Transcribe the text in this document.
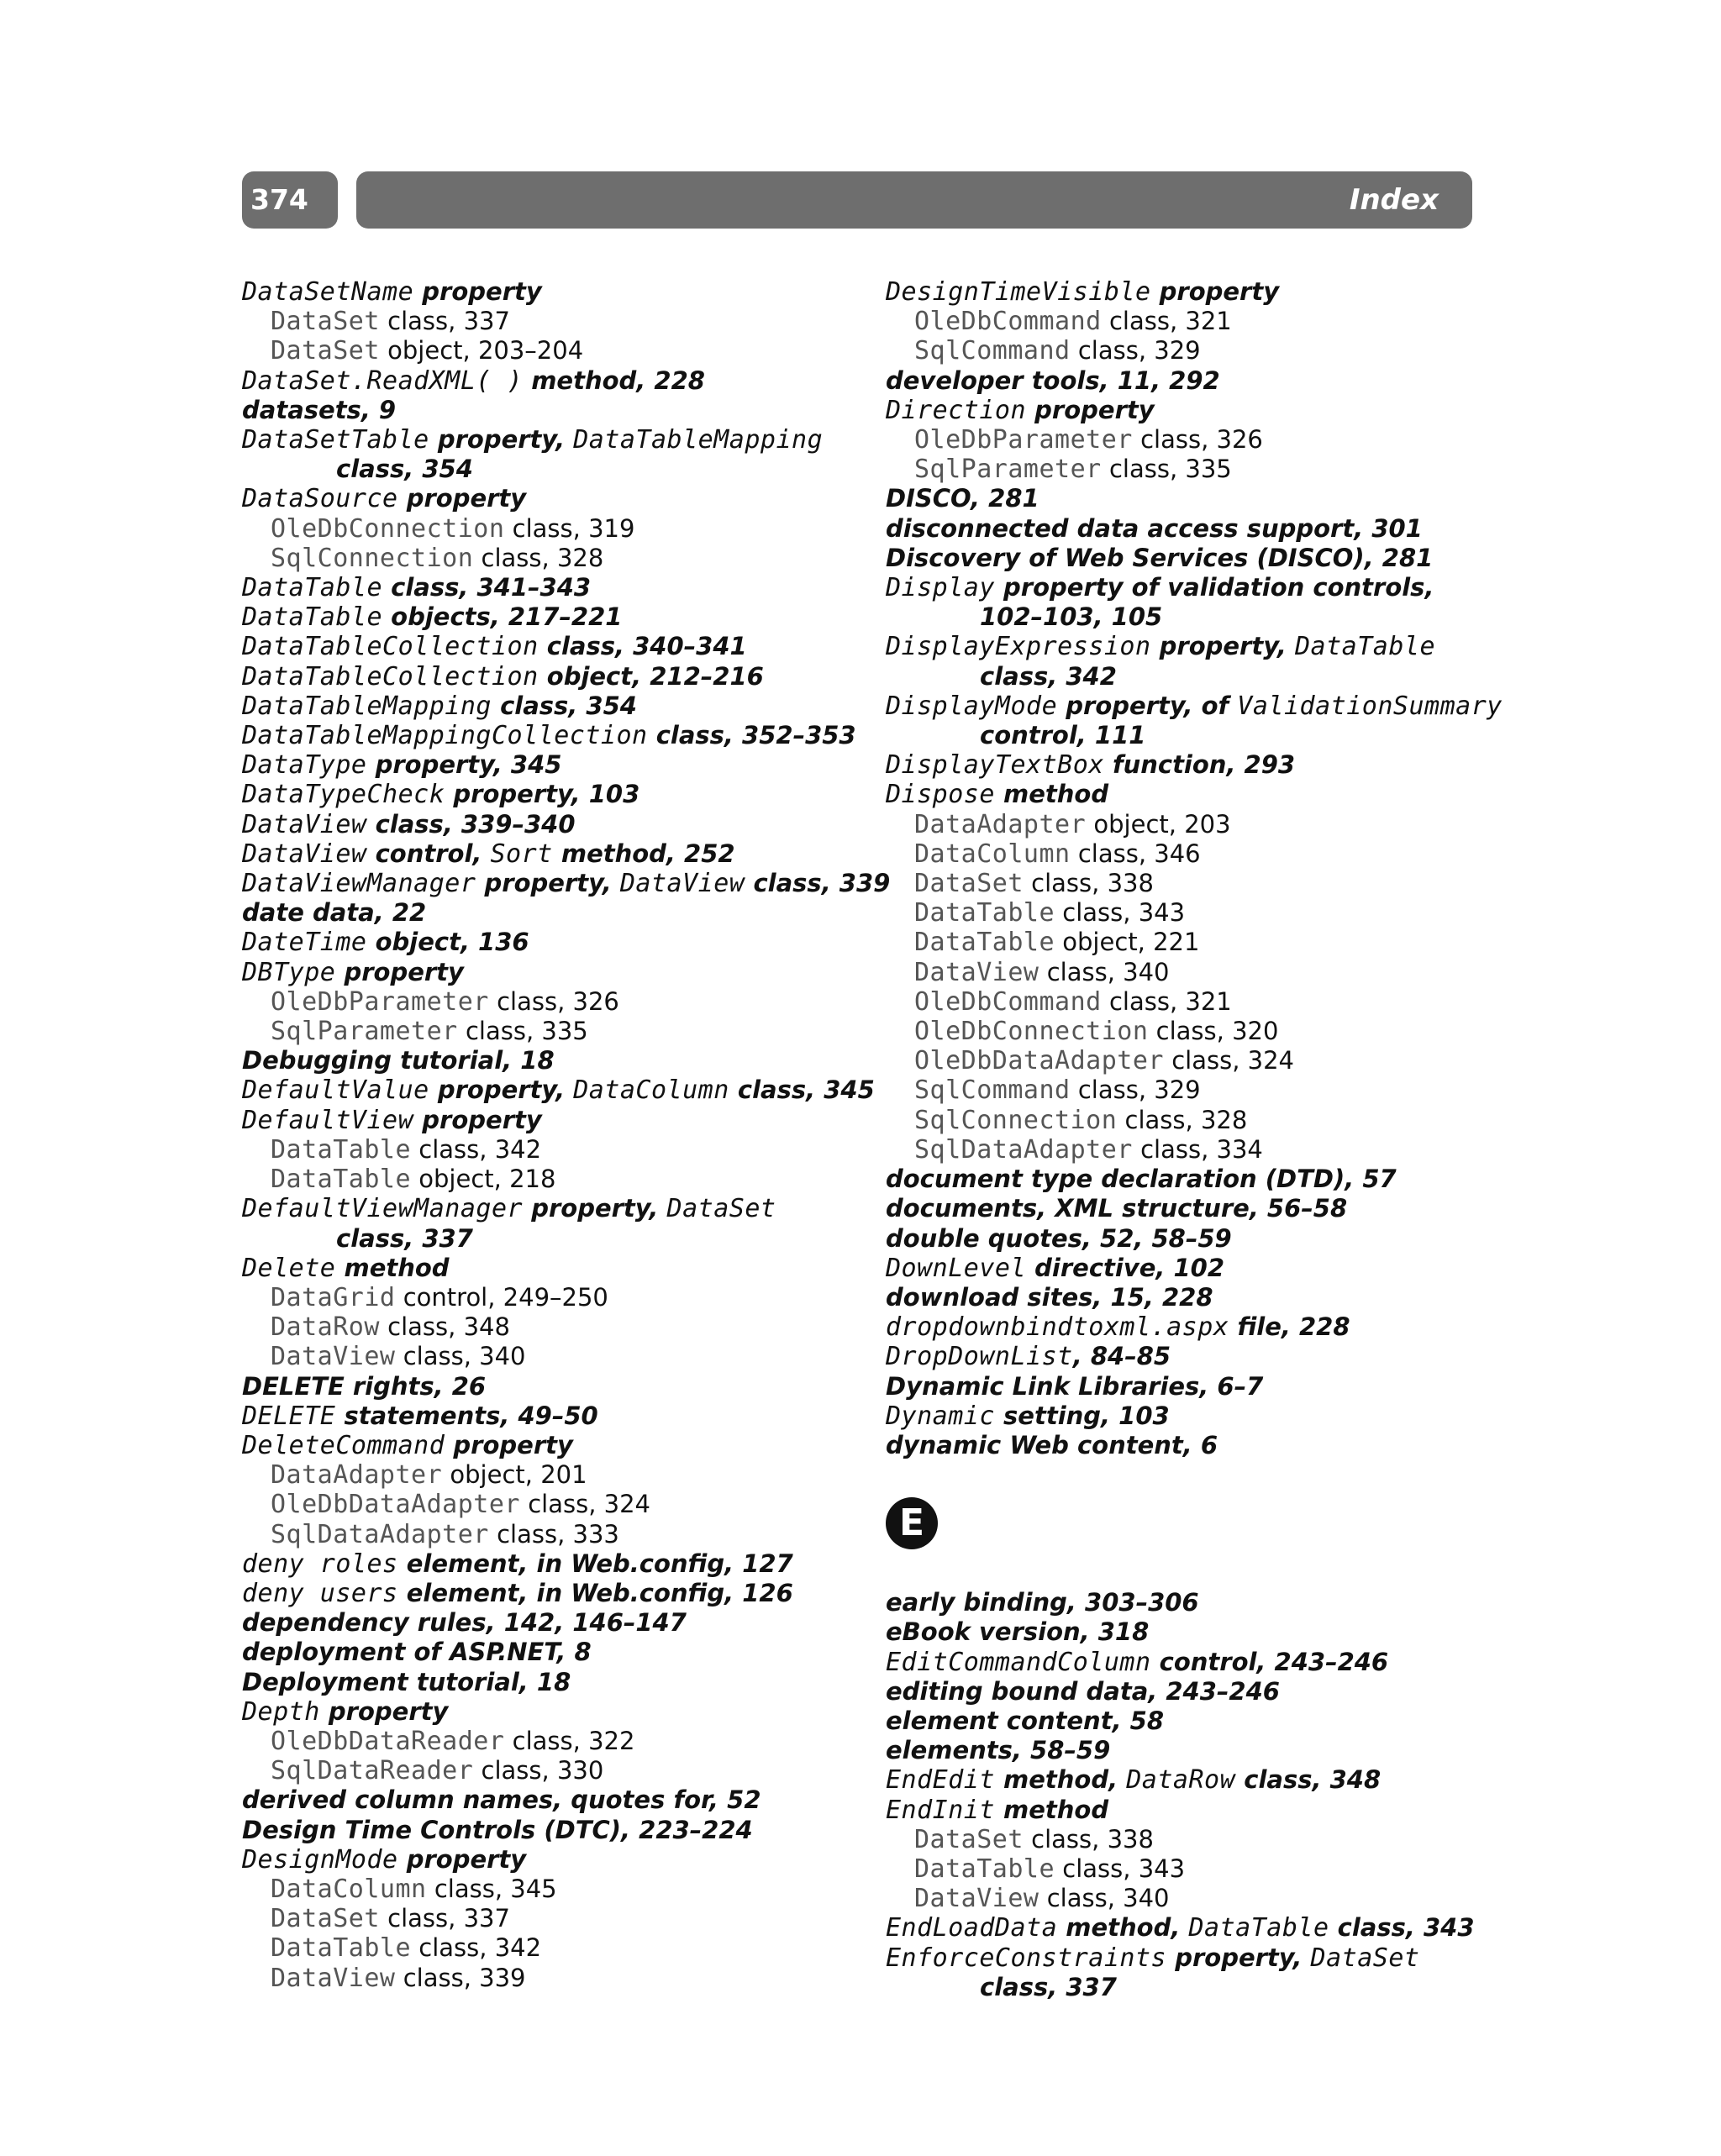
374	Index
DataSetName property
DataSet class, 337
DataSet object, 203–204
DataSet.ReadXML( ) method, 228
datasets, 9
DataSetTable property, DataTableMapping
class, 354
DataSource property
OleDbConnection class, 319
SqlConnection class, 328
DataTable class, 341–343
DataTable objects, 217–221
DataTableCollection class, 340–341
DataTableCollection object, 212–216
DataTableMapping class, 354
DataTableMappingCollection class, 352–353
DataType property, 345
DataTypeCheck property, 103
DataView class, 339–340
DataView control, Sort method, 252
DataViewManager property, DataView class, 339
date data, 22
DateTime object, 136
DBType property
OleDbParameter class, 326
SqlParameter class, 335
Debugging tutorial, 18
DefaultValue property, DataColumn class, 345
DefaultView property
DataTable class, 342
DataTable object, 218
DefaultViewManager property, DataSet
class, 337
Delete method
DataGrid control, 249–250
DataRow class, 348
DataView class, 340
DELETE rights, 26
DELETE statements, 49–50
DeleteCommand property
DataAdapter object, 201
OleDbDataAdapter class, 324
SqlDataAdapter class, 333
deny roles element, in Web.config, 127
deny users element, in Web.config, 126
dependency rules, 142, 146–147
deployment of ASP.NET, 8
Deployment tutorial, 18
Depth property
OleDbDataReader class, 322
SqlDataReader class, 330
derived column names, quotes for, 52
Design Time Controls (DTC), 223–224
DesignMode property
DataColumn class, 345
DataSet class, 337
DataTable class, 342
DataView class, 339
DesignTimeVisible property
OleDbCommand class, 321
SqlCommand class, 329
developer tools, 11, 292
Direction property
OleDbParameter class, 326
SqlParameter class, 335
DISCO, 281
disconnected data access support, 301
Discovery of Web Services (DISCO), 281
Display property of validation controls,
102–103, 105
DisplayExpression property, DataTable
class, 342
DisplayMode property, of ValidationSummary
control, 111
DisplayTextBox function, 293
Dispose method
DataAdapter object, 203
DataColumn class, 346
DataSet class, 338
DataTable class, 343
DataTable object, 221
DataView class, 340
OleDbCommand class, 321
OleDbConnection class, 320
OleDbDataAdapter class, 324
SqlCommand class, 329
SqlConnection class, 328
SqlDataAdapter class, 334
document type declaration (DTD), 57
documents, XML structure, 56–58
double quotes, 52, 58–59
DownLevel directive, 102
download sites, 15, 228
dropdownbindtoxml.aspx file, 228
DropDownList, 84–85
Dynamic Link Libraries, 6–7
Dynamic setting, 103
dynamic Web content, 6
E
early binding, 303–306
eBook version, 318
EditCommandColumn control, 243–246
editing bound data, 243–246
element content, 58
elements, 58–59
EndEdit method, DataRow class, 348
EndInit method
DataSet class, 338
DataTable class, 343
DataView class, 340
EndLoadData method, DataTable class, 343
EnforceConstraints property, DataSet
class, 337
